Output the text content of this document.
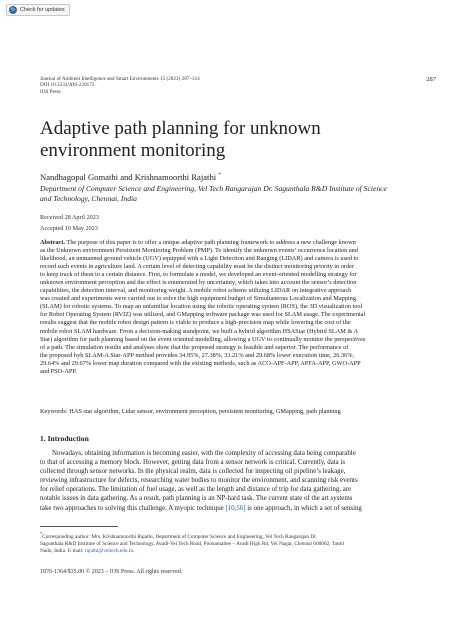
↻ Check for updates
Journal of Ambient Intelligence and Smart Environments 15 (2023) 287–314
DOI 10.3233/AIS-220175
IOS Press
287
Adaptive path planning for unknown
environment monitoring
Nandhagopal Gomathi and Krishnamoorthi Rajathi *
Department of Computer Science and Engineering, Vel Tech Rangarajan Dr. Sagunthala R&D Institute of Science
and Technology, Chennai, India
Received 28 April 2023
Accepted 10 May 2023
Abstract. The purpose of this paper is to offer a unique adaptive path planning framework to address a new challenge known
as the Unknown environment Persistent Monitoring Problem (PMP). To identify the unknown events’ occurrence location and
likelihood, an unmanned ground vehicle (UGV) equipped with a Light Detection and Ranging (LIDAR) and camera is used to
record such events in agriculture land. A certain level of detecting capability must be the distinct monitoring priority in order
to keep track of them to a certain distance. First, to formulate a model, we developed an event-oriented modelling strategy for
unknown environment perception and the effect is enumerated by uncertainty, which takes into account the sensor’s detection
capabilities, the detection interval, and monitoring weight. A mobile robot scheme utilizing LIDAR on integrative approach
was created and experiments were carried out to solve the high equipment budget of Simultaneous Localization and Mapping
(SLAM) for robotic systems. To map an unfamiliar location using the robotic operating system (ROS), the 3D visualization tool
for Robot Operating System (RVIZ) was utilized, and GMapping software package was used for SLAM usage. The experimental
results suggest that the mobile robot design pattern is viable to produce a high-precision map while lowering the cost of the
mobile robot SLAM hardware. From a decision-making standpoint, we built a hybrid algorithm HSAStar (Hybrid SLAM & A
Star) algorithm for path planning based on the event oriented modelling, allowing a UGV to continually monitor the perspectives
of a path. The simulation results and analyses show that the proposed strategy is feasible and superior. The performance of
the proposed hyb SLAM-A Star-APP method provides 34.95%, 27.38%, 33.21% and 29.68% lower execution time, 26.36%,
29.64% and 29.67% lower map duration compared with the existing methods, such as ACO-APF-APP, APFA-APP, GWO-APP
and PSO-APP.
Keywords: HAS star algorithm, Lidar sensor, environment perception, persistent monitoring, GMapping, path planning
1. Introduction
Nowadays, obtaining information is becoming easier, with the complexity of accessing data being comparable
to that of accessing a memory block. However, getting data from a sensor network is critical. Currently, data is
collected through sensor networks. In the physical realm, data is collected for inspecting oil pipeline’s leakage,
reviewing infrastructure for defects, researching water bodies to monitor the environment, and scanning risk events
for relief operations. The limitation of fuel usage, as well as the length and distance of trip for data gathering, are
notable issues in data gathering. As a result, path planning is an NP-hard task. The current state of the art systems
take two approaches to solving this challenge. A myopic technique [10,56] is one approach, in which a set of sensing
*Corresponding author: Mrs. Krishnamoorthi Rajathi, Department of Computer Science and Engineering, Vel Tech Rangarajan Dr.
Sagunthala R&D Institute of Science and Technology, Avadi-Vel Tech Road, Poonamallee – Avadi High Rd, Vel Nagar, Chennai 600062, Tamil
Nadu, India. E-mail: rajathi@veltech.edu.in.
1876-1364/$35.00 © 2023 – IOS Press. All rights reserved.
